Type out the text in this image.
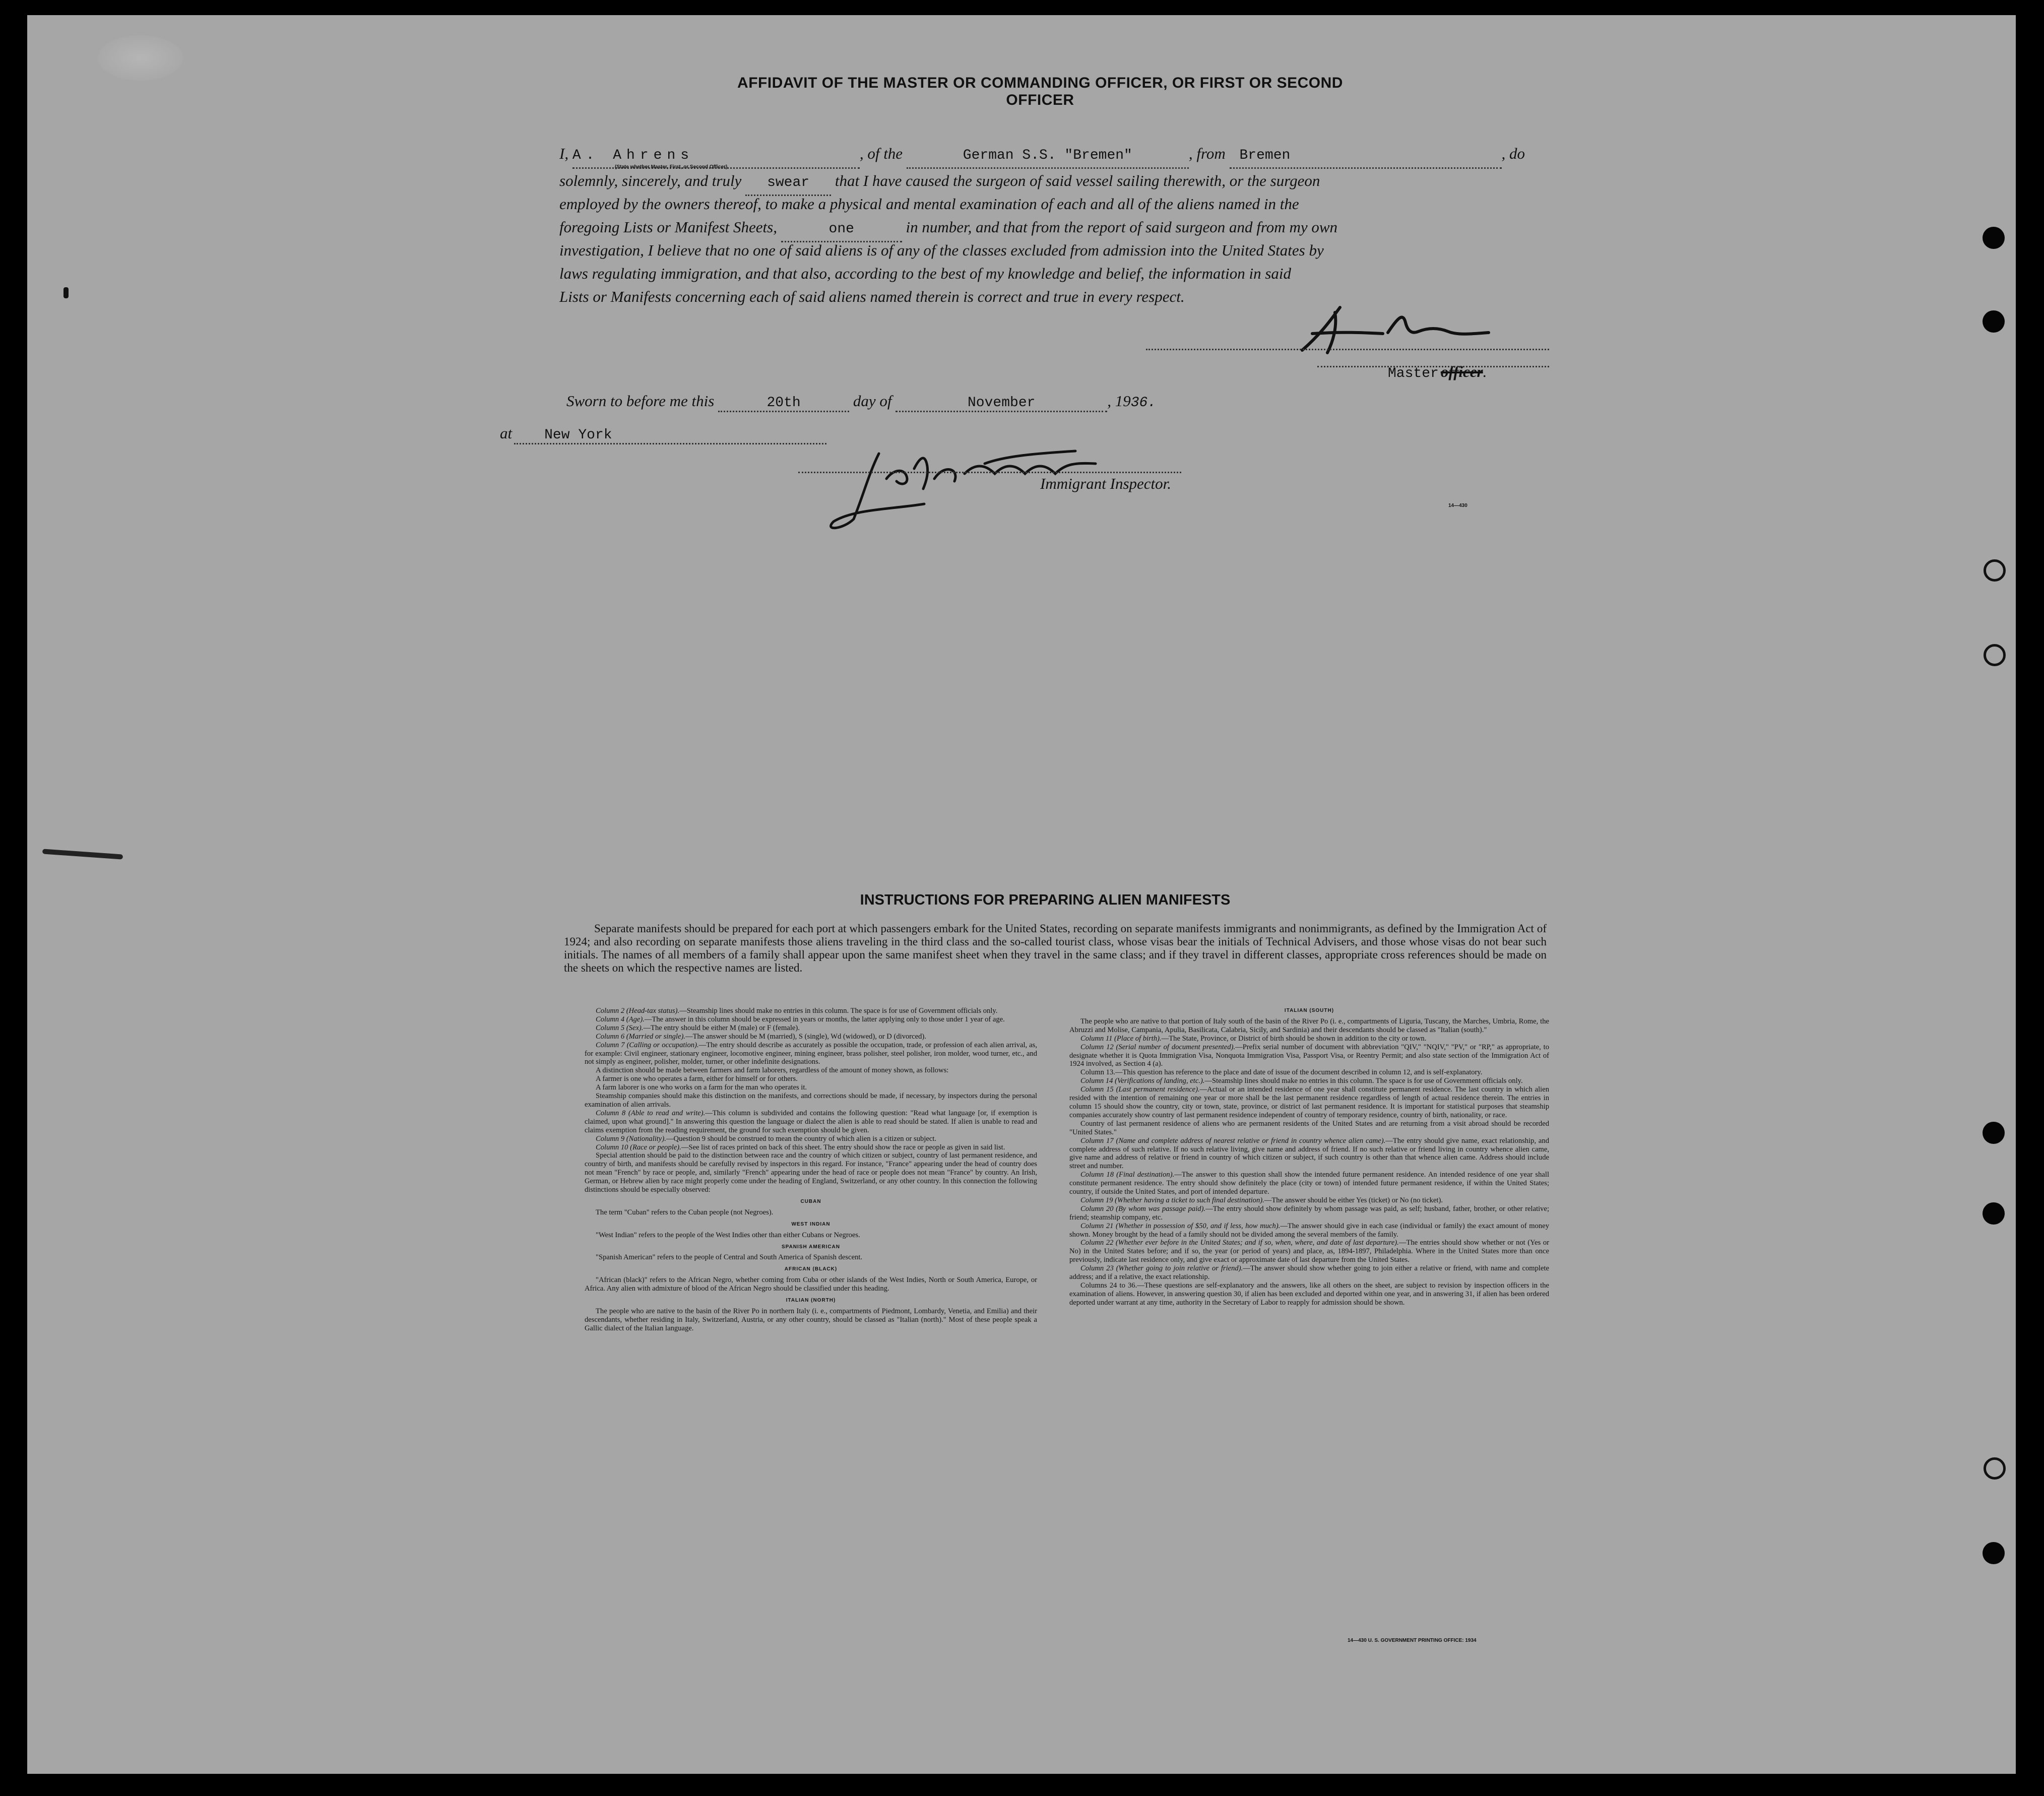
AFFIDAVIT OF THE MASTER OR COMMANDING OFFICER, OR FIRST OR SECOND OFFICER
I, A. Ahrens	, of the	German S.S. "Bremen"	, from Bremen	, do
(State whether Master, First, or Second Officer)
solemnly, sincerely, and truly swear that I have caused the surgeon of said vessel sailing therewith, or the surgeon
employed by the owners thereof, to make a physical and mental examination of each and all of the aliens named in the
foregoing Lists or Manifest Sheets,	one	in number, and that from the report of said surgeon and from my own
investigation, I believe that no one of said aliens is of any of the classes excluded from admission into the United States by
laws regulating immigration, and that also, according to the best of my knowledge and belief, the information in said
Lists or Manifests concerning each of said aliens named therein is correct and true in every respect.
Master officer.
Sworn to before me this	20th	day of	November	, 1936.
at New York
Immigrant Inspector.
14—430
INSTRUCTIONS FOR PREPARING ALIEN MANIFESTS
Separate manifests should be prepared for each port at which passengers embark for the United States, recording on separate manifests immigrants and nonimmigrants, as defined by the Immigration Act of 1924; and also recording on separate manifests those aliens traveling in the third class and the so-called tourist class, whose visas bear the initials of Technical Advisers, and those whose visas do not bear such initials. The names of all members of a family shall appear upon the same manifest sheet when they travel in the same class; and if they travel in different classes, appropriate cross references should be made on the sheets on which the respective names are listed.

Column 2 (Head-tax status).—Steamship lines should make no entries in this column. The space is for use of Government officials only.

Column 4 (Age).—The answer in this column should be expressed in years or months, the latter applying only to those under 1 year of age.

Column 5 (Sex).—The entry should be either M (male) or F (female).

Column 6 (Married or single).—The answer should be M (married), S (single), Wd (widowed), or D (divorced).

Column 7 (Calling or occupation).—The entry should describe as accurately as possible the occupation, trade, or profession of each alien arrival, as, for example: Civil engineer, stationary engineer, locomotive engineer, mining engineer, brass polisher, steel polisher, iron molder, wood turner, etc., and not simply as engineer, polisher, molder, turner, or other indefinite designations.

A distinction should be made between farmers and farm laborers, regardless of the amount of money shown, as follows:

A farmer is one who operates a farm, either for himself or for others.

A farm laborer is one who works on a farm for the man who operates it.

Steamship companies should make this distinction on the manifests, and corrections should be made, if necessary, by inspectors during the personal examination of alien arrivals.

Column 8 (Able to read and write).—This column is subdivided and contains the following question: "Read what language [or, if exemption is claimed, upon what ground]." In answering this question the language or dialect the alien is able to read should be stated. If alien is unable to read and claims exemption from the reading requirement, the ground for such exemption should be given.

Column 9 (Nationality).—Question 9 should be construed to mean the country of which alien is a citizen or subject.

Column 10 (Race or people).—See list of races printed on back of this sheet. The entry should show the race or people as given in said list.

Special attention should be paid to the distinction between race and the country of which citizen or subject, country of last permanent residence, and country of birth, and manifests should be carefully revised by inspectors in this regard. For instance, "France" appearing under the head of country does not mean "French" by race or people, and, similarly "French" appearing under the head of race or people does not mean "France" by country. An Irish, German, or Hebrew alien by race might properly come under the heading of England, Switzerland, or any other country. In this connection the following distinctions should be especially observed:

CUBAN

The term "Cuban" refers to the Cuban people (not Negroes).

WEST INDIAN

"West Indian" refers to the people of the West Indies other than either Cubans or Negroes.

SPANISH AMERICAN

"Spanish American" refers to the people of Central and South America of Spanish descent.

AFRICAN (BLACK)

"African (black)" refers to the African Negro, whether coming from Cuba or other islands of the West Indies, North or South America, Europe, or Africa. Any alien with admixture of blood of the African Negro should be classified under this heading.

ITALIAN (NORTH)

The people who are native to the basin of the River Po in northern Italy (i. e., compartments of Piedmont, Lombardy, Venetia, and Emilia) and their descendants, whether residing in Italy, Switzerland, Austria, or any other country, should be classed as "Italian (north)." Most of these people speak a Gallic dialect of the Italian language.

ITALIAN (SOUTH)

The people who are native to that portion of Italy south of the basin of the River Po (i. e., compartments of Liguria, Tuscany, the Marches, Umbria, Rome, the Abruzzi and Molise, Campania, Apulia, Basilicata, Calabria, Sicily, and Sardinia) and their descendants should be classed as "Italian (south)."

Column 11 (Place of birth).—The State, Province, or District of birth should be shown in addition to the city or town.

Column 12 (Serial number of document presented).—Prefix serial number of document with abbreviation "QIV," "NQIV," "PV," or "RP," as appropriate, to designate whether it is Quota Immigration Visa, Nonquota Immigration Visa, Passport Visa, or Reentry Permit; and also state section of the Immigration Act of 1924 involved, as Section 4 (a).

Column 13.—This question has reference to the place and date of issue of the document described in column 12, and is self-explanatory.

Column 14 (Verifications of landing, etc.).—Steamship lines should make no entries in this column. The space is for use of Government officials only.

Column 15 (Last permanent residence).—Actual or an intended residence of one year shall constitute permanent residence. The last country in which alien resided with the intention of remaining one year or more shall be the last permanent residence regardless of length of actual residence therein. The entries in column 15 should show the country, city or town, state, province, or district of last permanent residence. It is important for statistical purposes that steamship companies accurately show country of last permanent residence independent of country of temporary residence, country of birth, nationality, or race.

Country of last permanent residence of aliens who are permanent residents of the United States and are returning from a visit abroad should be recorded "United States."

Column 17 (Name and complete address of nearest relative or friend in country whence alien came).—The entry should give name, exact relationship, and complete address of such relative. If no such relative living, give name and address of friend. If no such relative or friend living in country whence alien came, give name and address of relative or friend in country of which citizen or subject, if such country is other than that whence alien came. Address should include street and number.

Column 18 (Final destination).—The answer to this question shall show the intended future permanent residence. An intended residence of one year shall constitute permanent residence. The entry should show definitely the place (city or town) of intended future permanent residence, if within the United States; country, if outside the United States, and port of intended departure.

Column 19 (Whether having a ticket to such final destination).—The answer should be either Yes (ticket) or No (no ticket).

Column 20 (By whom was passage paid).—The entry should show definitely by whom passage was paid, as self; husband, father, brother, or other relative; friend; steamship company, etc.

Column 21 (Whether in possession of $50, and if less, how much).—The answer should give in each case (individual or family) the exact amount of money shown. Money brought by the head of a family should not be divided among the several members of the family.

Column 22 (Whether ever before in the United States; and if so, when, where, and date of last departure).—The entries should show whether or not (Yes or No) in the United States before; and if so, the year (or period of years) and place, as, 1894-1897, Philadelphia. Where in the United States more than once previously, indicate last residence only, and give exact or approximate date of last departure from the United States.

Column 23 (Whether going to join relative or friend).—The answer should show whether going to join either a relative or friend, with name and complete address; and if a relative, the exact relationship.

Columns 24 to 36.—These questions are self-explanatory and the answers, like all others on the sheet, are subject to revision by inspection officers in the examination of aliens. However, in answering question 30, if alien has been excluded and deported within one year, and in answering 31, if alien has been ordered deported under warrant at any time, authority in the Secretary of Labor to reapply for admission should be shown.

14—430 U. S. GOVERNMENT PRINTING OFFICE: 1934
